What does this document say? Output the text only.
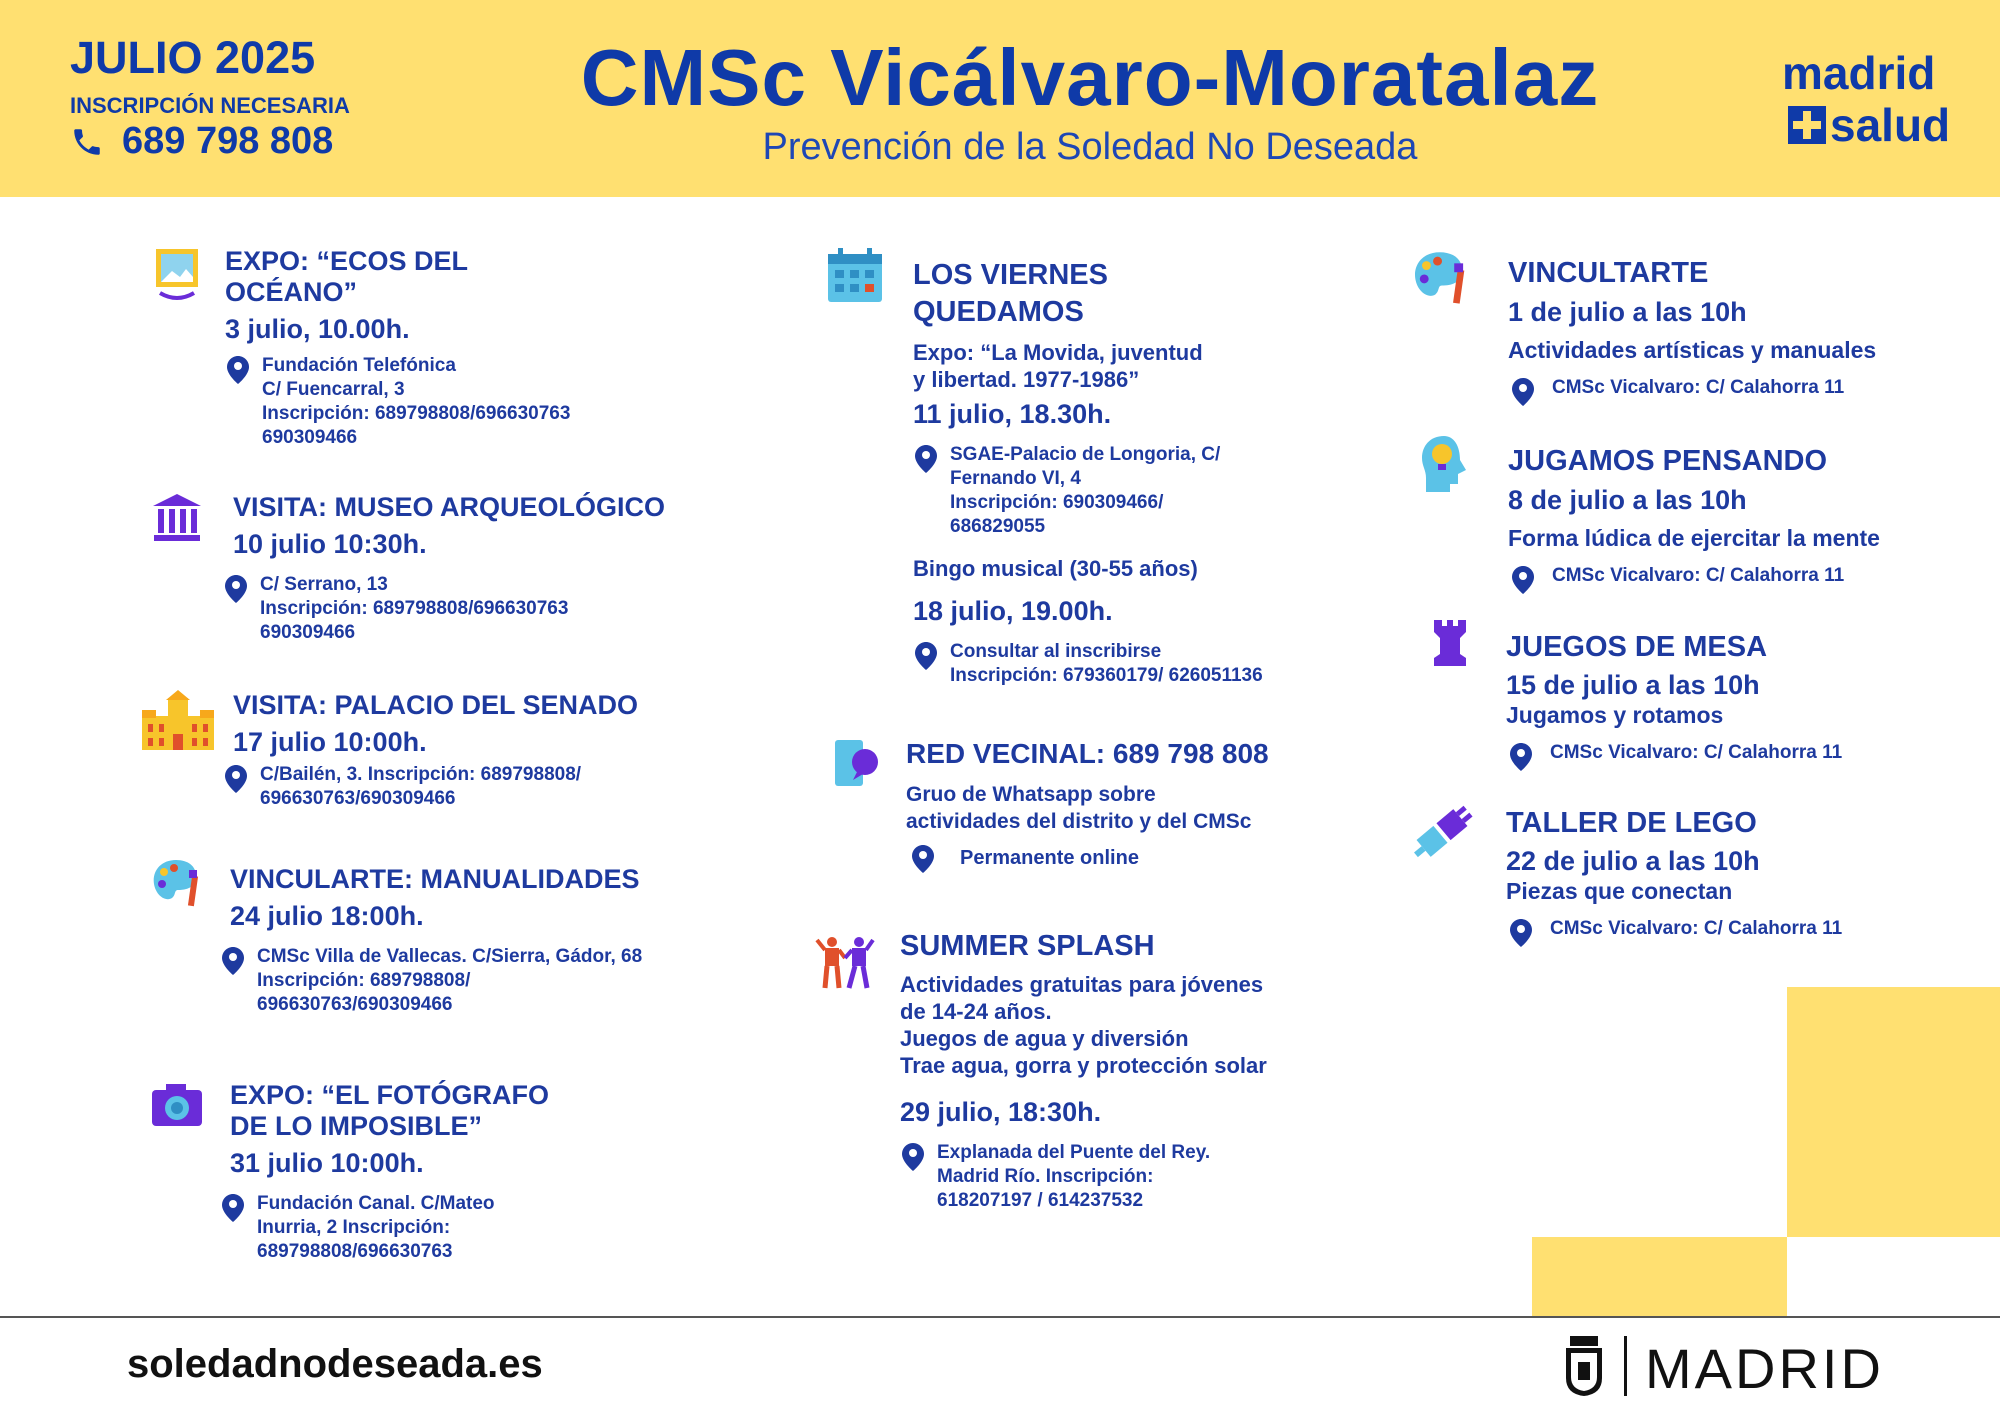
JULIO 2025
INSCRIPCIÓN NECESARIA
689 798 808
CMSc Vicálvaro-Moratalaz
Prevención de la Soledad No Deseada
madrid
salud
EXPO: “ECOS DEL
OCÉANO”
3 julio, 10.00h.
Fundación Telefónica
C/ Fuencarral, 3
Inscripción: 689798808/696630763
690309466
VISITA: MUSEO ARQUEOLÓGICO
10 julio 10:30h.
C/ Serrano, 13
Inscripción: 689798808/696630763
690309466
VISITA: PALACIO DEL SENADO
17 julio 10:00h.
C/Bailén, 3. Inscripción: 689798808/
696630763/690309466
VINCULARTE: MANUALIDADES
24 julio 18:00h.
CMSc Villa de Vallecas. C/Sierra, Gádor, 68
Inscripción: 689798808/
696630763/690309466
EXPO: “EL FOTÓGRAFO
DE LO IMPOSIBLE”
31 julio 10:00h.
Fundación Canal. C/Mateo
Inurria, 2 Inscripción:
689798808/696630763
LOS VIERNES
QUEDAMOS
Expo: “La Movida, juventud
y libertad. 1977-1986”
11 julio, 18.30h.
SGAE-Palacio de Longoria, C/
Fernando VI, 4
Inscripción: 690309466/
686829055
Bingo musical (30-55 años)
18 julio, 19.00h.
Consultar al inscribirse
Inscripción: 679360179/ 626051136
RED VECINAL: 689 798 808
Gruo de Whatsapp sobre
actividades del distrito y del CMSc
Permanente online
SUMMER SPLASH
Actividades gratuitas para jóvenes
de 14-24 años.
Juegos de agua y diversión
Trae agua, gorra y protección solar
29 julio, 18:30h.
Explanada del Puente del Rey.
Madrid Río. Inscripción:
618207197 / 614237532
VINCULTARTE
1 de julio a las 10h
Actividades artísticas y manuales
CMSc Vicalvaro: C/ Calahorra 11
JUGAMOS PENSANDO
8 de julio a las 10h
Forma lúdica de ejercitar la mente
CMSc Vicalvaro: C/ Calahorra 11
JUEGOS DE MESA
15 de julio a las 10h
Jugamos y rotamos
CMSc Vicalvaro: C/ Calahorra 11
TALLER DE LEGO
22 de julio a las 10h
Piezas que conectan
CMSc Vicalvaro: C/ Calahorra 11
soledadnodeseada.es	MADRID
